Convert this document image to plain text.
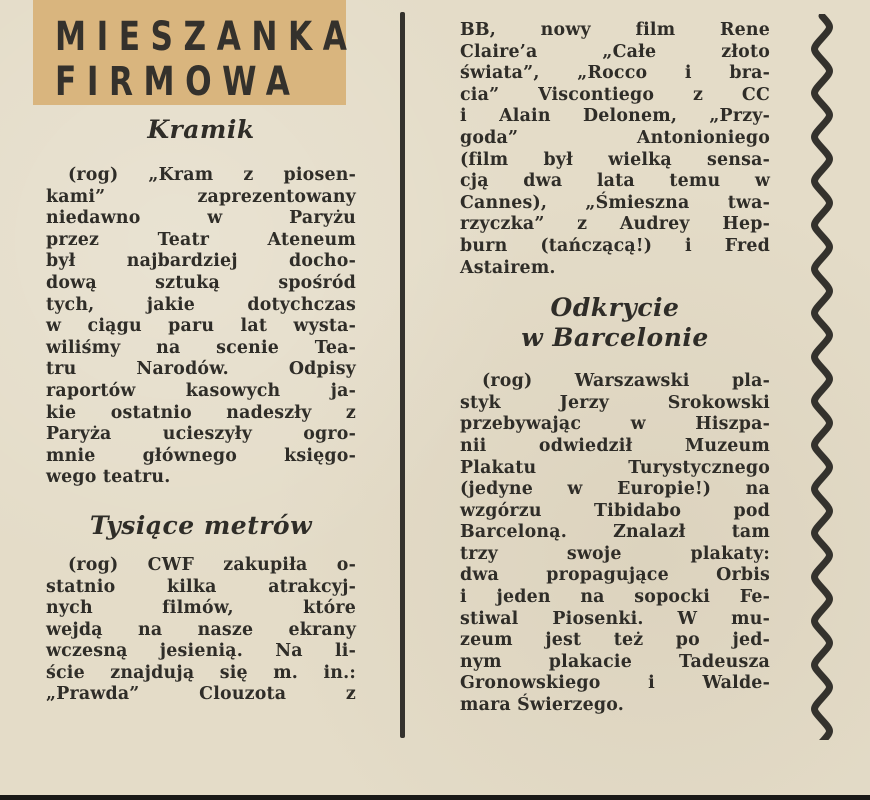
MIESZANKA
FIRMOWA
Kramik
(rog) „Kram z piosen-
kami” zaprezentowany
niedawno w Paryżu
przez Teatr Ateneum
był najbardziej docho-
dową sztuką spośród
tych, jakie dotychczas
w ciągu paru lat wysta-
wiliśmy na scenie Tea-
tru Narodów. Odpisy
raportów kasowych ja-
kie ostatnio nadeszły z
Paryża ucieszyły ogro-
mnie głównego księgo-
wego teatru.
Tysiące metrów
(rog) CWF zakupiła o-
statnio kilka atrakcyj-
nych filmów, które
wejdą na nasze ekrany
wczesną jesienią. Na li-
ście znajdują się m. in.:
„Prawda” Clouzota z
BB, nowy film Rene
Claire’a „Całe złoto
świata”, „Rocco i bra-
cia” Viscontiego z CC
i Alain Delonem, „Przy-
goda” Antonioniego
(film był wielką sensa-
cją dwa lata temu w
Cannes), „Śmieszna twa-
rzyczka” z Audrey Hep-
burn (tańczącą!) i Fred
Astairem.
Odkrycie
w Barcelonie
(rog) Warszawski pla-
styk Jerzy Srokowski
przebywając w Hiszpa-
nii odwiedził Muzeum
Plakatu Turystycznego
(jedyne w Europie!) na
wzgórzu Tibidabo pod
Barceloną. Znalazł tam
trzy swoje plakaty:
dwa propagujące Orbis
i jeden na sopocki Fe-
stiwal Piosenki. W mu-
zeum jest też po jed-
nym plakacie Tadeusza
Gronowskiego i Walde-
mara Świerzego.
